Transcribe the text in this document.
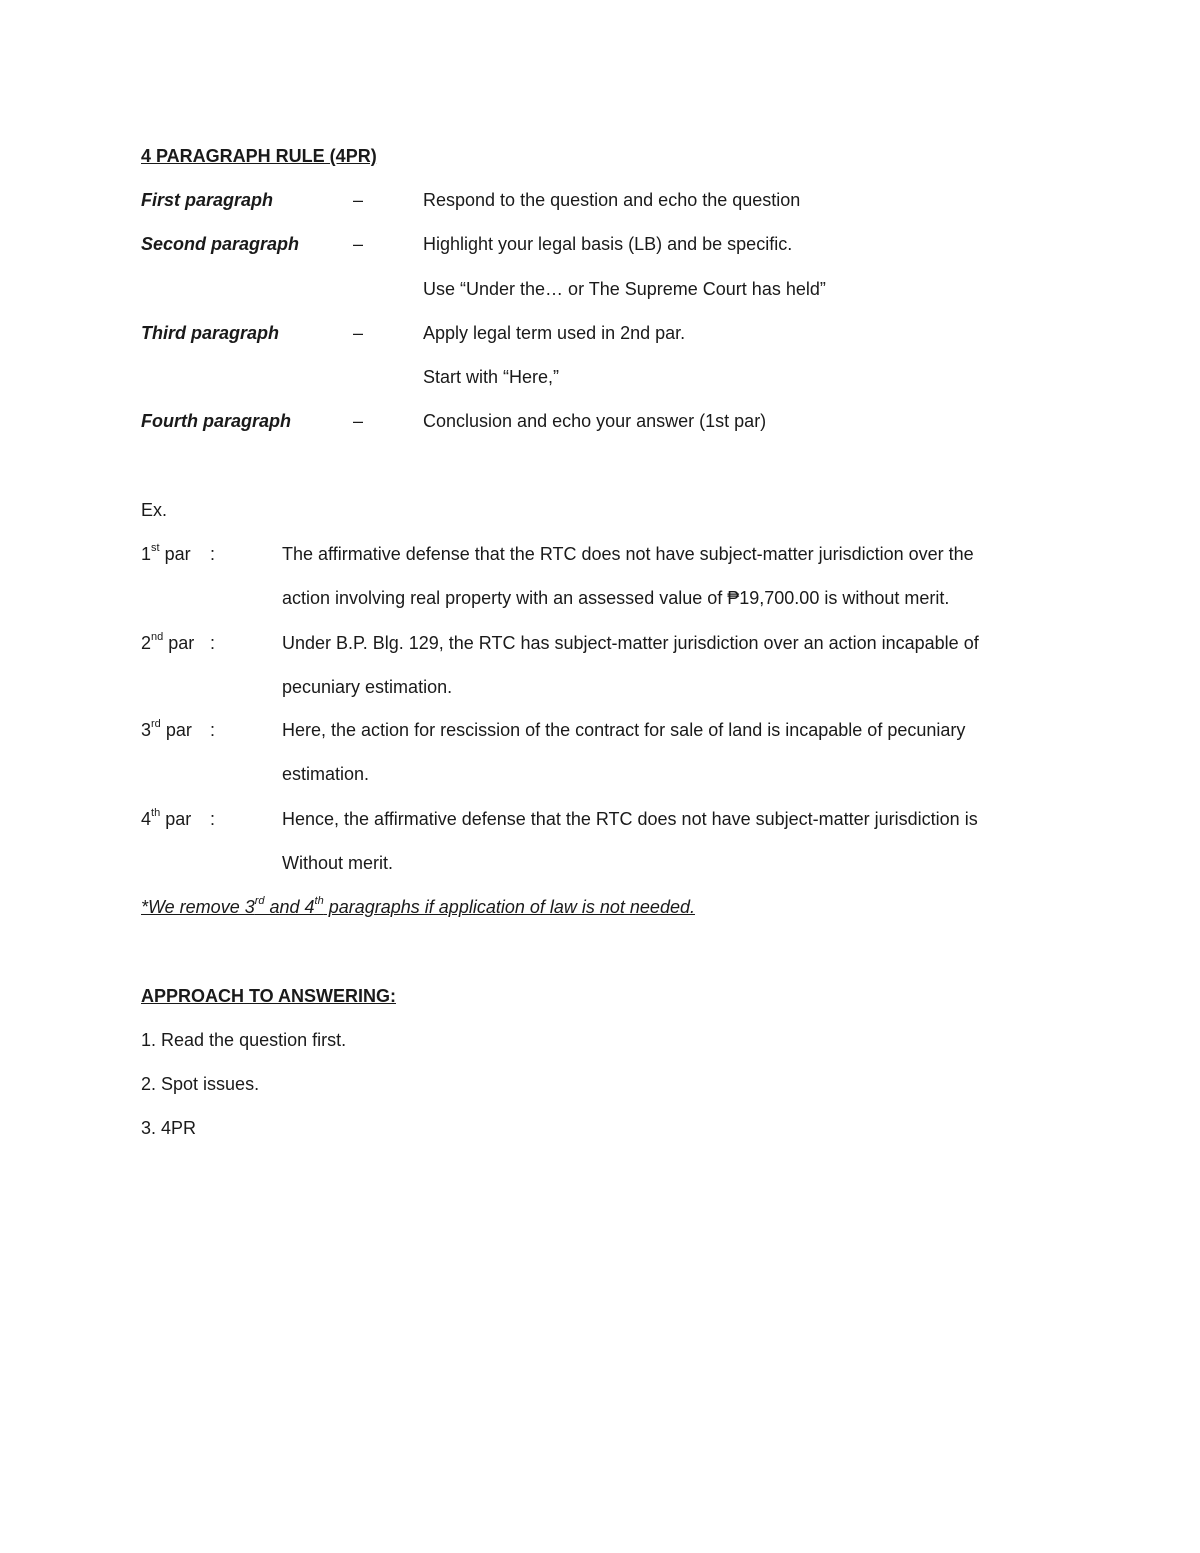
4 PARAGRAPH RULE (4PR)
First paragraph	–	Respond to the question and echo the question
Second paragraph	–	Highlight your legal basis (LB) and be specific.
Use “Under the… or The Supreme Court has held”
Third paragraph	–	Apply legal term used in 2nd par.
Start with “Here,”
Fourth paragraph	–	Conclusion and echo your answer (1st par)
Ex.
1st par :	The affirmative defense that the RTC does not have subject-matter jurisdiction over the
action involving real property with an assessed value of ₱19,700.00 is without merit.
2nd par :	Under B.P. Blg. 129, the RTC has subject-matter jurisdiction over an action incapable of
pecuniary estimation.
3rd par :	Here, the action for rescission of the contract for sale of land is incapable of pecuniary
estimation.
4th par :	Hence, the affirmative defense that the RTC does not have subject-matter jurisdiction is
Without merit.
*We remove 3rd and 4th paragraphs if application of law is not needed.
APPROACH TO ANSWERING:
1. Read the question first.
2. Spot issues.
3. 4PR
